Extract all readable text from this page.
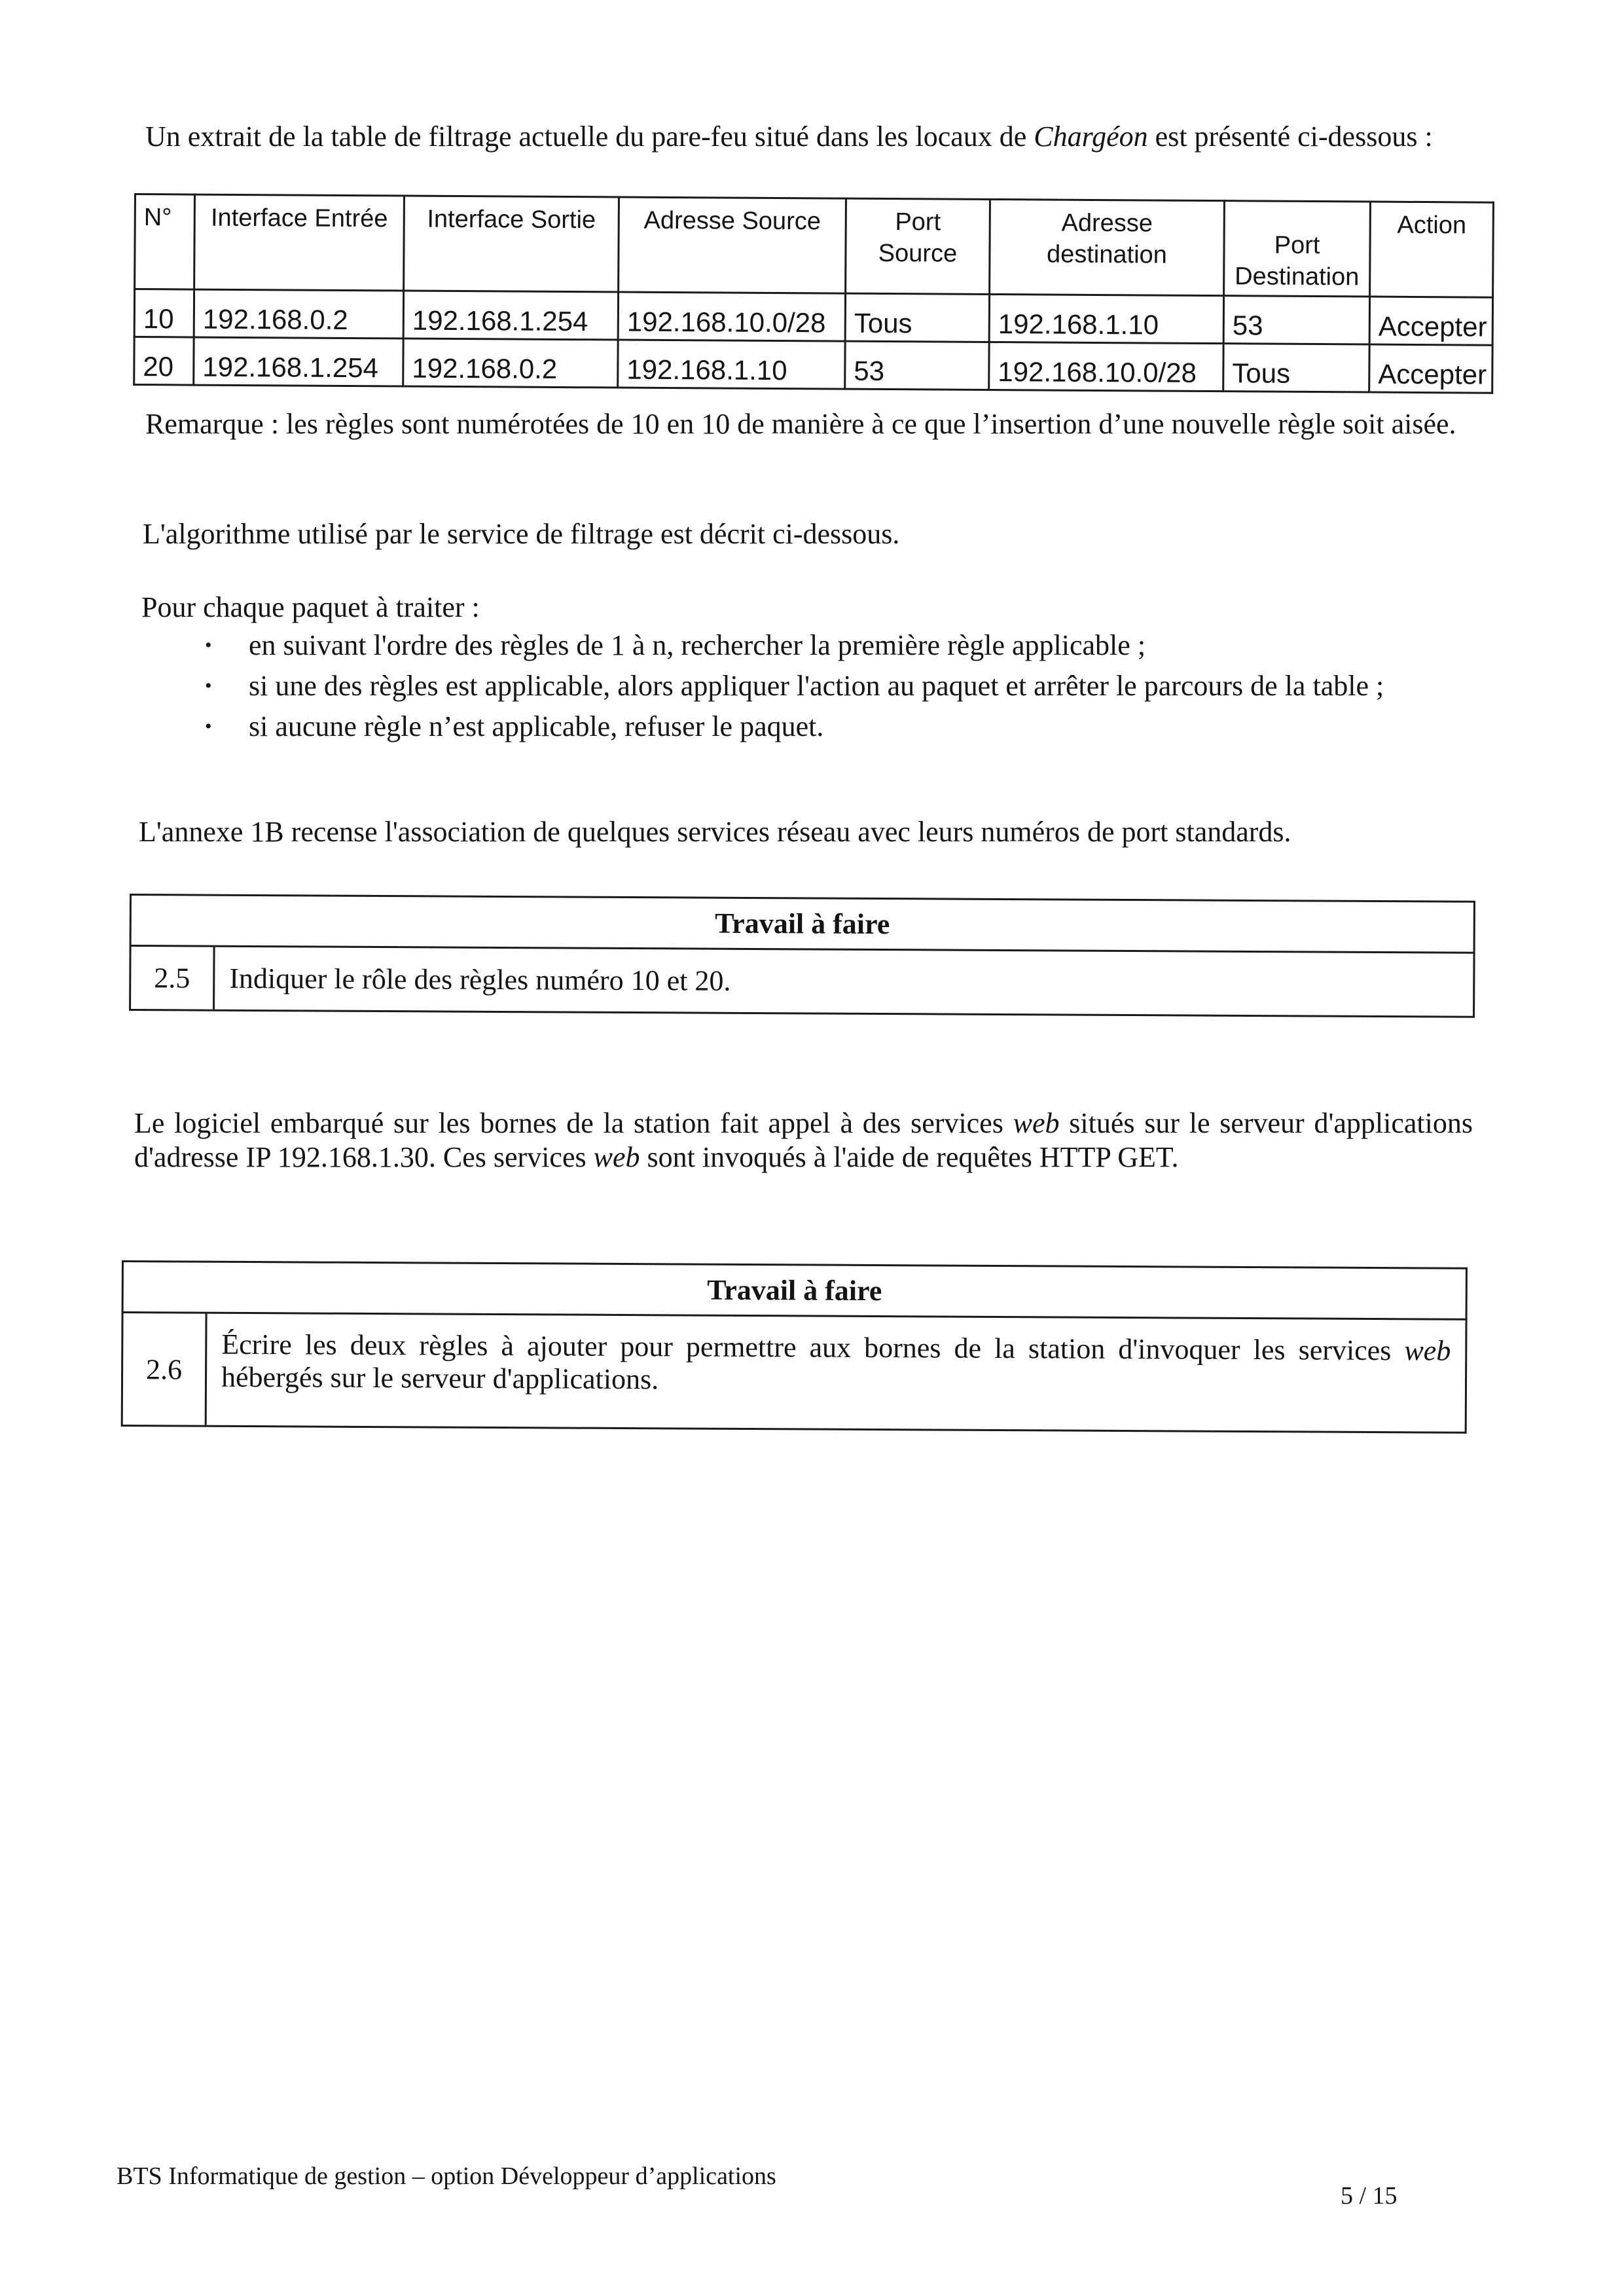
Un extrait de la table de filtrage actuelle du pare-feu situé dans les locaux de Chargéon est présenté ci-dessous :

N°	Interface Entrée	Interface Sortie	Adresse Source	Port Source	Adresse destination	Port Destination	Action
10	192.168.0.2	192.168.1.254	192.168.10.0/28	Tous	192.168.1.10	53	Accepter
20	192.168.1.254	192.168.0.2	192.168.1.10	53	192.168.10.0/28	Tous	Accepter

Remarque : les règles sont numérotées de 10 en 10 de manière à ce que l’insertion d’une nouvelle règle soit aisée.

L'algorithme utilisé par le service de filtrage est décrit ci-dessous.

Pour chaque paquet à traiter :

• en suivant l'ordre des règles de 1 à n, rechercher la première règle applicable ;
• si une des règles est applicable, alors appliquer l'action au paquet et arrêter le parcours de la table ;
• si aucune règle n’est applicable, refuser le paquet.

L'annexe 1B recense l'association de quelques services réseau avec leurs numéros de port standards.

Travail à faire
2.5	Indiquer le rôle des règles numéro 10 et 20.

Le logiciel embarqué sur les bornes de la station fait appel à des services web situés sur le serveur d'applications d'adresse IP 192.168.1.30. Ces services web sont invoqués à l'aide de requêtes HTTP GET.

Travail à faire
2.6
Écrire les deux règles à ajouter pour permettre aux bornes de la station d'invoquer les services web hébergés sur le serveur d'applications.
BTS Informatique de gestion – option Développeur d’applications
5 / 15
